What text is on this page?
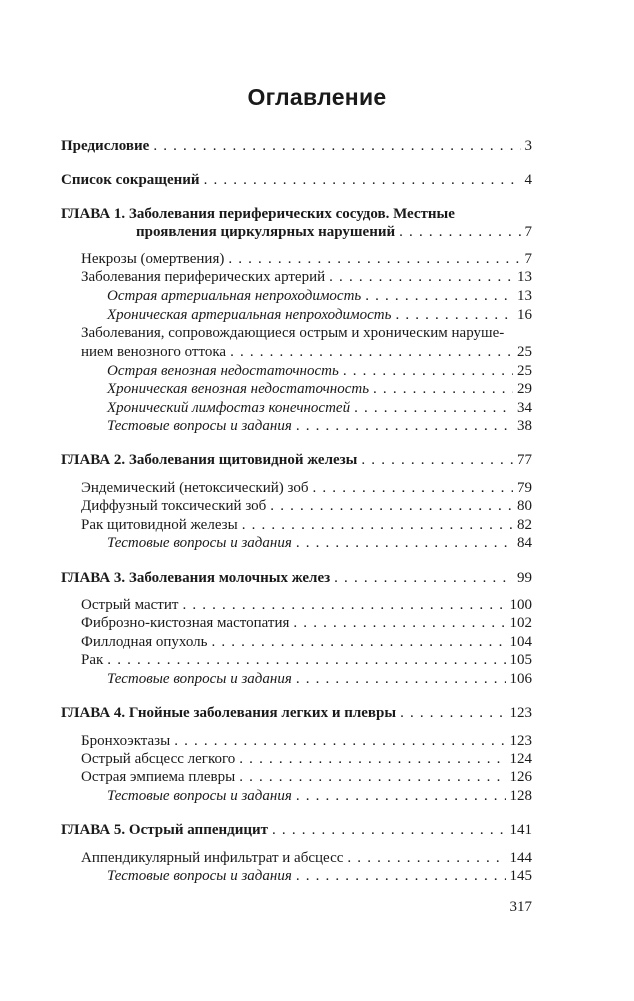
Оглавление
Предисловие . . .	3
Список сокращений . . .	4
ГЛАВА 1. Заболевания периферических сосудов. Местные
проявления циркулярных нарушений . . .	7
Некрозы (омертвения) . . .	7
Заболевания периферических артерий . . .	13
Острая артериальная непроходимость . . .	13
Хроническая артериальная непроходимость . . .	16
Заболевания, сопровождающиеся острым и хроническим наруше-
нием венозного оттока . . .	25
Острая венозная недостаточность . . .	25
Хроническая венозная недостаточность . . .	29
Хронический лимфостаз конечностей . . .	34
Тестовые вопросы и задания . . .	38
ГЛАВА 2. Заболевания щитовидной железы . . .	77
Эндемический (нетоксический) зоб . . .	79
Диффузный токсический зоб . . .	80
Рак щитовидной железы . . .	82
Тестовые вопросы и задания . . .	84
ГЛАВА 3. Заболевания молочных желез . . .	99
Острый мастит . . .	100
Фиброзно-кистозная мастопатия . . .	102
Филлодная опухоль . . .	104
Рак . . .	105
Тестовые вопросы и задания . . .	106
ГЛАВА 4. Гнойные заболевания легких и плевры . . .	123
Бронхоэктазы . . .	123
Острый абсцесс легкого . . .	124
Острая эмпиема плевры . . .	126
Тестовые вопросы и задания . . .	128
ГЛАВА 5. Острый аппендицит . . .	141
Аппендикулярный инфильтрат и абсцесс . . .	144
Тестовые вопросы и задания . . .	145
317
